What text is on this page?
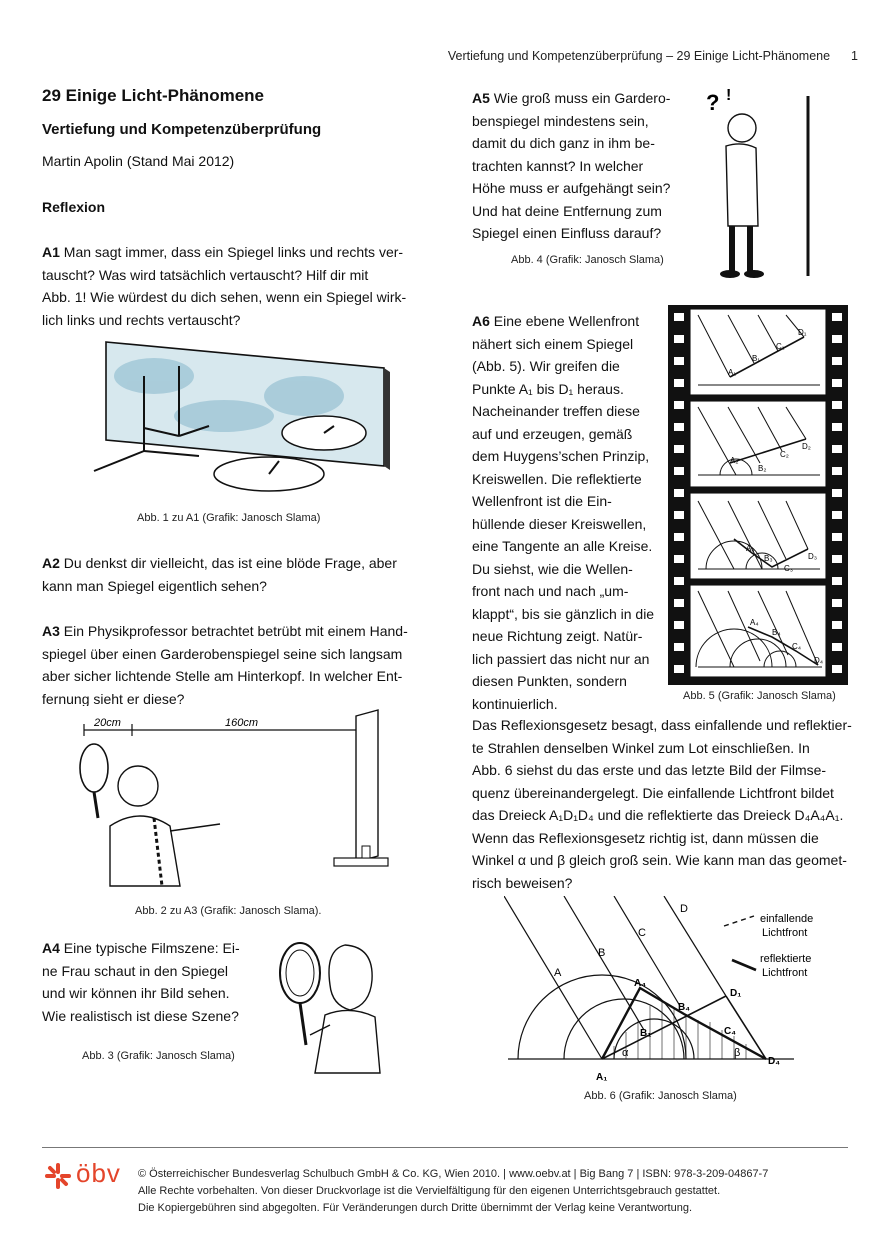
Vertiefung und Kompetenzüberprüfung – 29 Einige Licht-Phänomene 1
29 Einige Licht-Phänomene
Vertiefung und Kompetenzüberprüfung
Martin Apolin (Stand Mai 2012)
Reflexion
A1 Man sagt immer, dass ein Spiegel links und rechts ver-
tauscht? Was wird tatsächlich vertauscht? Hilf dir mit
Abb. 1! Wie würdest du dich sehen, wenn ein Spiegel wirk-
lich links und rechts vertauscht?
Abb. 1 zu A1 (Grafik: Janosch Slama)
A2 Du denkst dir vielleicht, das ist eine blöde Frage, aber
kann man Spiegel eigentlich sehen?
A3 Ein Physikprofessor betrachtet betrübt mit einem Hand-
spiegel über einen Garderobenspiegel seine sich langsam
aber sicher lichtende Stelle am Hinterkopf. In welcher Ent-
fernung sieht er diese?
20cm	160cm
Abb. 2 zu A3 (Grafik: Janosch Slama).
A4 Eine typische Filmszene: Ei-
ne Frau schaut in den Spiegel
und wir können ihr Bild sehen.
Wie realistisch ist diese Szene?
Abb. 3 (Grafik: Janosch Slama)
A5 Wie groß muss ein Gardero-
benspiegel mindestens sein,
damit du dich ganz in ihm be-
trachten kannst? In welcher
Höhe muss er aufgehängt sein?
Und hat deine Entfernung zum
Spiegel einen Einfluss darauf?
Abb. 4 (Grafik: Janosch Slama)
? !
A6 Eine ebene Wellenfront
nähert sich einem Spiegel
(Abb. 5). Wir greifen die
Punkte A₁ bis D₁ heraus.
Nacheinander treffen diese
auf und erzeugen, gemäß
dem Huygens’schen Prinzip,
Kreiswellen. Die reflektierte
Wellenfront ist die Ein-
hüllende dieser Kreiswellen,
eine Tangente an alle Kreise.
Du siehst, wie die Wellen-
front nach und nach „um-
klappt“, bis sie gänzlich in die
neue Richtung zeigt. Natür-
lich passiert das nicht nur an
diesen Punkten, sondern
kontinuierlich.
A₁
B₁
C₁
D₁
A₂
B₂
C₂
D₂
A₃
B₃
C₃
D₃
A₄
B₄
C₄
D₄
Abb. 5 (Grafik: Janosch Slama)
Das Reflexionsgesetz besagt, dass einfallende und reflektier-
te Strahlen denselben Winkel zum Lot einschließen. In
Abb. 6 siehst du das erste und das letzte Bild der Filmse-
quenz übereinandergelegt. Die einfallende Lichtfront bildet
das Dreieck A₁D₁D₄ und die reflektierte das Dreieck D₄A₄A₁.
Wenn das Reflexionsgesetz richtig ist, dann müssen die
Winkel α und β gleich groß sein. Wie kann man das geomet-
risch beweisen?
A
B
C
D
A₁
B₁
A₄
B₄
D₁
C₄
D₄
α	β
einfallende
Lichtfront
reflektierte
Lichtfront
Abb. 6 (Grafik: Janosch Slama)
öbv © Österreichischer Bundesverlag Schulbuch GmbH & Co. KG, Wien 2010. | www.oebv.at | Big Bang 7 | ISBN: 978-3-209-04867-7
Alle Rechte vorbehalten. Von dieser Druckvorlage ist die Vervielfältigung für den eigenen Unterrichtsgebrauch gestattet.
Die Kopiergebühren sind abgegolten. Für Veränderungen durch Dritte übernimmt der Verlag keine Verantwortung.
